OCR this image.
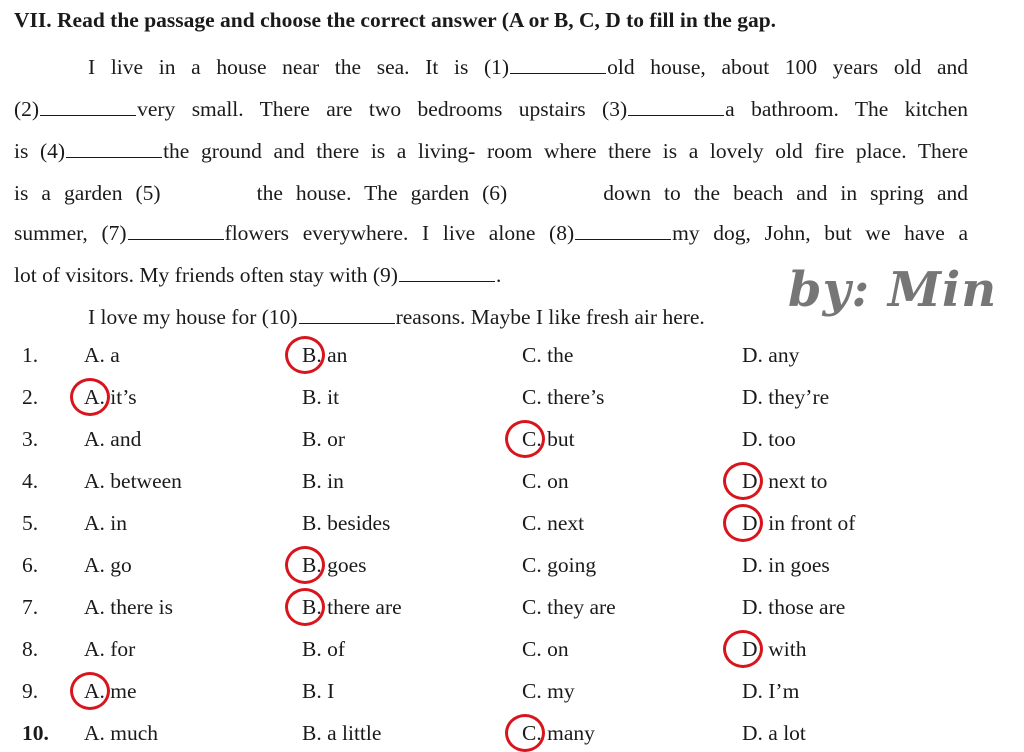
VII. Read the passage and choose the correct answer (A or B, C, D to fill in the gap.
I live in a house near the sea. It is (1)	old house, about 100 years old and
(2)	very small. There are two bedrooms upstairs (3)	a bathroom. The kitchen
is (4)	the ground and there is a living- room where there is a lovely old fire place. There
is a garden (5)	the house. The garden (6)	down to the beach and in spring and
summer, (7)	flowers everywhere. I live alone (8)	my dog, John, but we have a
lot of visitors. My friends often stay with (9)	.
I love my house for (10)	reasons. Maybe I like fresh air here.	by: Min
1. A. a	B. an	C. the	D. any
2. A. it’s	B. it	C. there’s	D. they’re
3. A. and	B. or	C. but	D. too
4. A. between	B. in	C. on	D. next to
5. A. in	B. besides	C. next	D. in front of
6. A. go	B. goes	C. going	D. in goes
7. A. there is	B. there are	C. they are	D. those are
8. A. for	B. of	C. on	D. with
9. A. me	B. I	C. my	D. I’m
10. A. much	B. a little	C. many	D. a lot
